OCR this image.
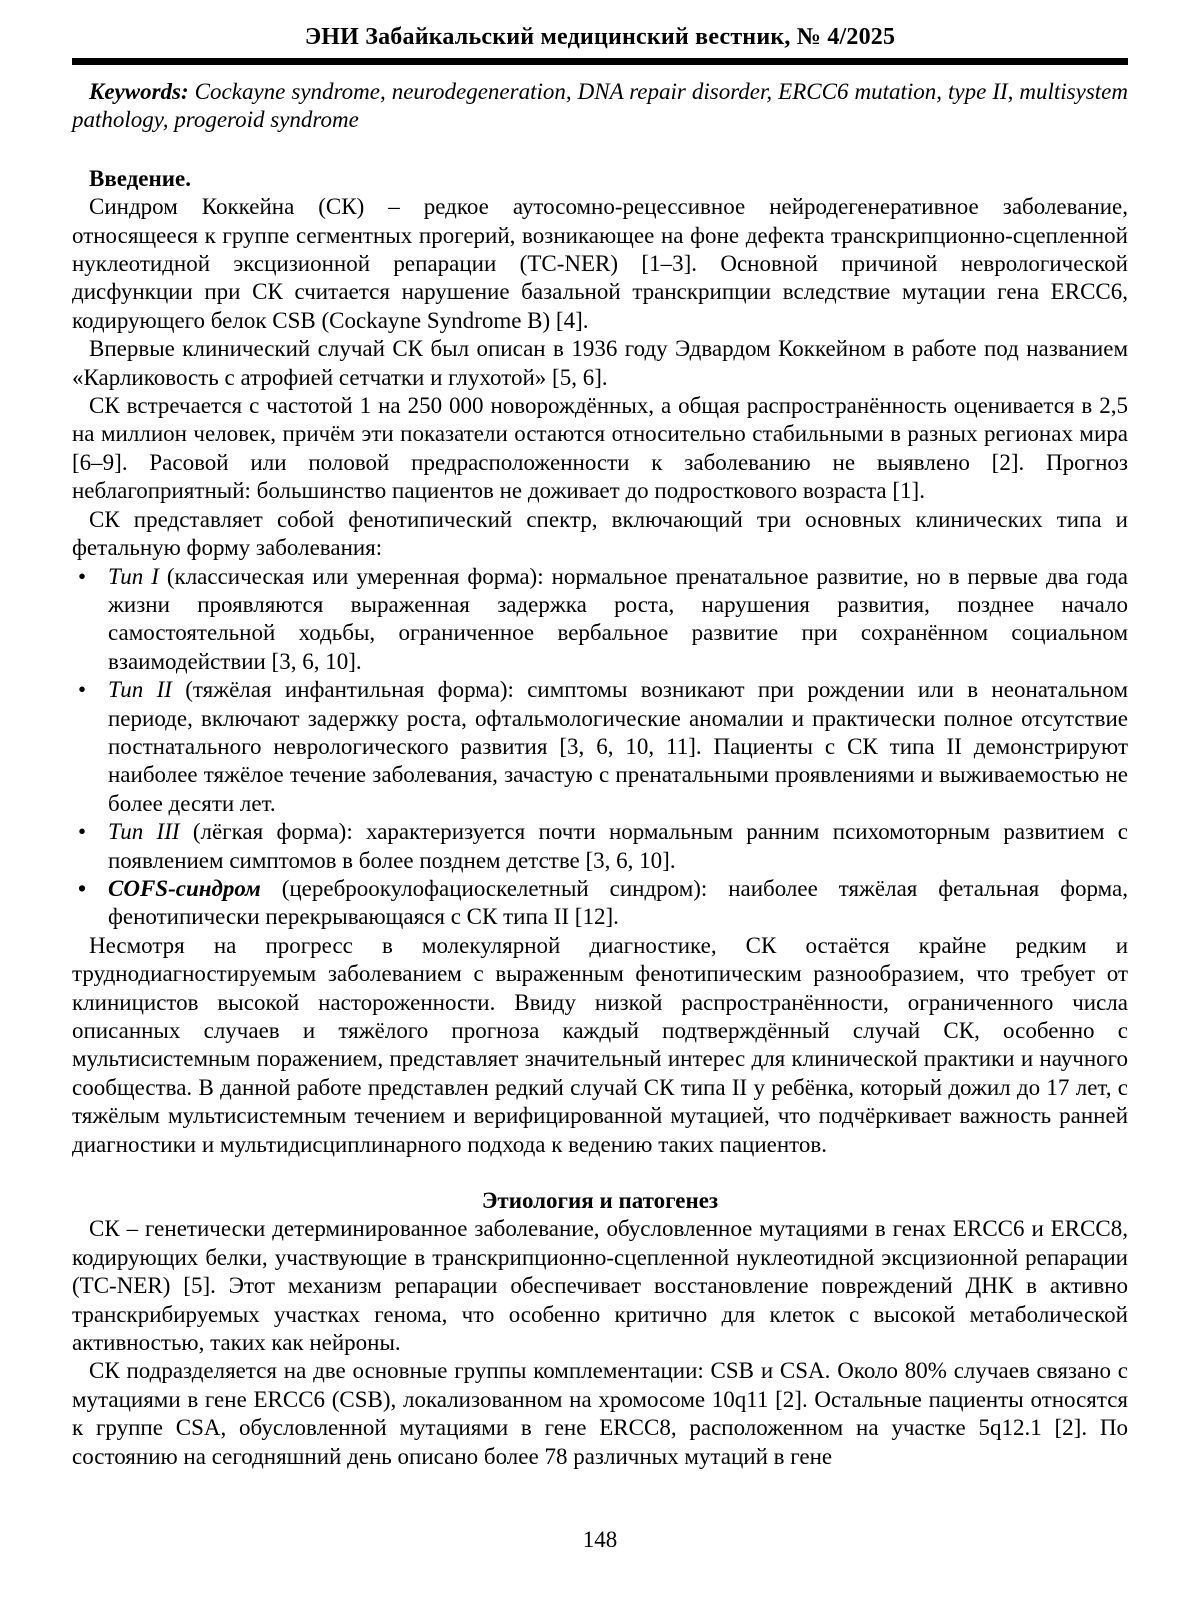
ЭНИ Забайкальский медицинский вестник, № 4/2025

Keywords: Cockayne syndrome, neurodegeneration, DNA repair disorder, ERCC6 mutation, type II, multisystem pathology, progeroid syndrome

Введение.

Синдром Коккейна (СК) – редкое аутосомно-рецессивное нейродегенеративное заболевание, относящееся к группе сегментных прогерий, возникающее на фоне дефекта транскрипционно-сцепленной нуклеотидной эксцизионной репарации (TC-NER) [1–3]. Основной причиной неврологической дисфункции при СК считается нарушение базальной транскрипции вследствие мутации гена ERCC6, кодирующего белок CSB (Cockayne Syndrome B) [4].

Впервые клинический случай СК был описан в 1936 году Эдвардом Коккейном в работе под названием «Карликовость с атрофией сетчатки и глухотой» [5, 6].

СК встречается с частотой 1 на 250 000 новорождённых, а общая распространённость оценивается в 2,5 на миллион человек, причём эти показатели остаются относительно стабильными в разных регионах мира [6–9]. Расовой или половой предрасположенности к заболеванию не выявлено [2]. Прогноз неблагоприятный: большинство пациентов не доживает до подросткового возраста [1].

СК представляет собой фенотипический спектр, включающий три основных клинических типа и фетальную форму заболевания:

• Тип I (классическая или умеренная форма): нормальное пренатальное развитие, но в первые два года жизни проявляются выраженная задержка роста, нарушения развития, позднее начало самостоятельной ходьбы, ограниченное вербальное развитие при сохранённом социальном взаимодействии [3, 6, 10].
• Тип II (тяжёлая инфантильная форма): симптомы возникают при рождении или в неонатальном периоде, включают задержку роста, офтальмологические аномалии и практически полное отсутствие постнатального неврологического развития [3, 6, 10, 11]. Пациенты с СК типа II демонстрируют наиболее тяжёлое течение заболевания, зачастую с пренатальными проявлениями и выживаемостью не более десяти лет.
• Тип III (лёгкая форма): характеризуется почти нормальным ранним психомоторным развитием с появлением симптомов в более позднем детстве [3, 6, 10].
• COFS-синдром (цереброокулофациоскелетный синдром): наиболее тяжёлая фетальная форма, фенотипически перекрывающаяся с СК типа II [12].

Несмотря на прогресс в молекулярной диагностике, СК остаётся крайне редким и труднодиагностируемым заболеванием с выраженным фенотипическим разнообразием, что требует от клиницистов высокой настороженности. Ввиду низкой распространённости, ограниченного числа описанных случаев и тяжёлого прогноза каждый подтверждённый случай СК, особенно с мультисистемным поражением, представляет значительный интерес для клинической практики и научного сообщества. В данной работе представлен редкий случай СК типа II у ребёнка, который дожил до 17 лет, с тяжёлым мультисистемным течением и верифицированной мутацией, что подчёркивает важность ранней диагностики и мультидисциплинарного подхода к ведению таких пациентов.

Этиология и патогенез

СК – генетически детерминированное заболевание, обусловленное мутациями в генах ERCC6 и ERCC8, кодирующих белки, участвующие в транскрипционно-сцепленной нуклеотидной эксцизионной репарации (TC-NER) [5]. Этот механизм репарации обеспечивает восстановление повреждений ДНК в активно транскрибируемых участках генома, что особенно критично для клеток с высокой метаболической активностью, таких как нейроны.

СК подразделяется на две основные группы комплементации: CSB и CSA. Около 80% случаев связано с мутациями в гене ERCC6 (CSB), локализованном на хромосоме 10q11 [2]. Остальные пациенты относятся к группе CSA, обусловленной мутациями в гене ERCC8, расположенном на участке 5q12.1 [2]. По состоянию на сегодняшний день описано более 78 различных мутаций в гене

148
